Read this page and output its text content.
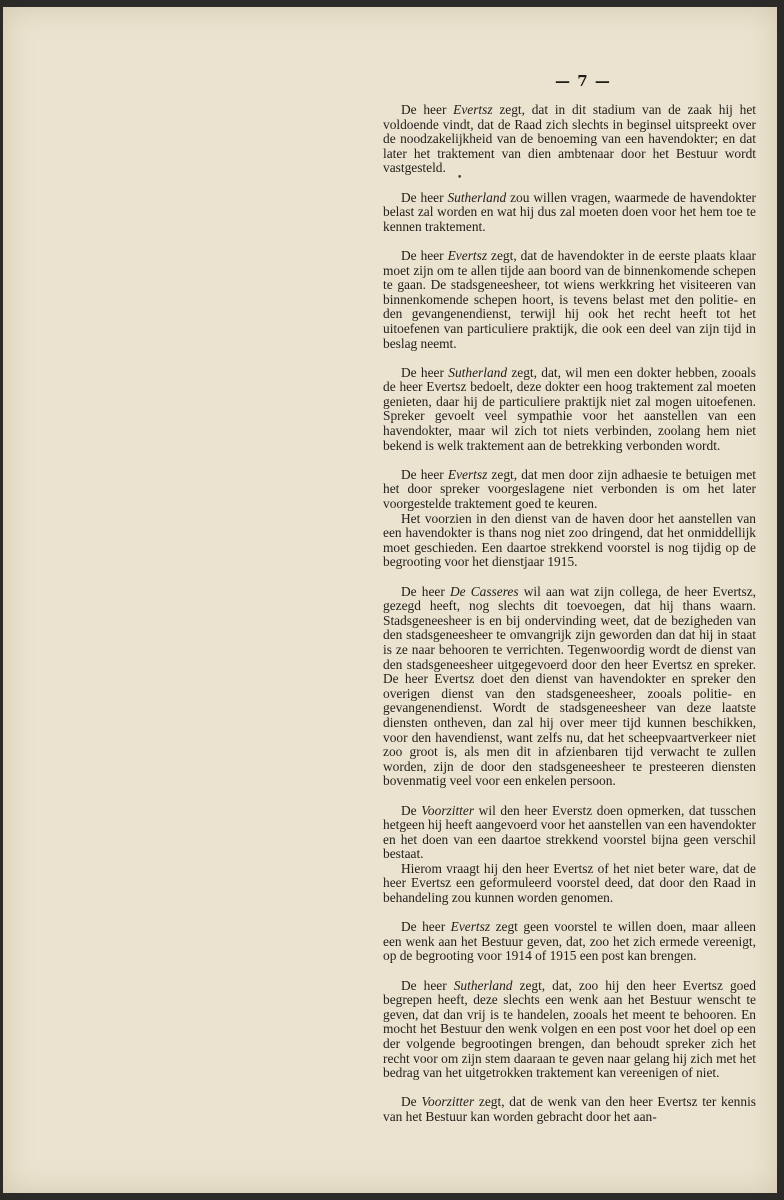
— 7 —
•

De heer Evertsz zegt, dat in dit stadium van de zaak hij het voldoende vindt, dat de Raad zich slechts in beginsel uitspreekt over de noodzakelijkheid van de benoeming van een havendokter; en dat later het traktement van dien ambtenaar door het Bestuur wordt vastgesteld.

De heer Sutherland zou willen vragen, waarmede de havendokter belast zal worden en wat hij dus zal moeten doen voor het hem toe te kennen traktement.

De heer Evertsz zegt, dat de havendokter in de eerste plaats klaar moet zijn om te allen tijde aan boord van de binnenkomende schepen te gaan. De stadsgeneesheer, tot wiens werkkring het visiteeren van binnenkomende schepen hoort, is tevens belast met den politie- en den gevangenendienst, terwijl hij ook het recht heeft tot het uitoefenen van particuliere praktijk, die ook een deel van zijn tijd in beslag neemt.

De heer Sutherland zegt, dat, wil men een dokter hebben, zooals de heer Evertsz bedoelt, deze dokter een hoog traktement zal moeten genieten, daar hij de particuliere praktijk niet zal mogen uitoefenen. Spreker gevoelt veel sympathie voor het aanstellen van een havendokter, maar wil zich tot niets verbinden, zoolang hem niet bekend is welk traktement aan de betrekking verbonden wordt.

De heer Evertsz zegt, dat men door zijn adhaesie te betuigen met het door spreker voorgeslagene niet verbonden is om het later voorgestelde traktement goed te keuren.

Het voorzien in den dienst van de haven door het aanstellen van een havendokter is thans nog niet zoo dringend, dat het onmiddellijk moet geschieden. Een daartoe strekkend voorstel is nog tijdig op de begrooting voor het dienstjaar 1915.

De heer De Casseres wil aan wat zijn collega, de heer Evertsz, gezegd heeft, nog slechts dit toevoegen, dat hij thans waarn. Stadsgeneesheer is en bij ondervinding weet, dat de bezigheden van den stadsgeneesheer te omvangrijk zijn geworden dan dat hij in staat is ze naar behooren te verrichten. Tegenwoordig wordt de dienst van den stadsgeneesheer uitgegevoerd door den heer Evertsz en spreker. De heer Evertsz doet den dienst van havendokter en spreker den overigen dienst van den stadsgeneesheer, zooals politie- en gevangenendienst. Wordt de stadsgeneesheer van deze laatste diensten ontheven, dan zal hij over meer tijd kunnen beschikken, voor den havendienst, want zelfs nu, dat het scheepvaartverkeer niet zoo groot is, als men dit in afzienbaren tijd verwacht te zullen worden, zijn de door den stadsgeneesheer te presteeren diensten bovenmatig veel voor een enkelen persoon.

De Voorzitter wil den heer Everstz doen opmerken, dat tusschen hetgeen hij heeft aangevoerd voor het aanstellen van een havendokter en het doen van een daartoe strekkend voorstel bijna geen verschil bestaat.

Hierom vraagt hij den heer Evertsz of het niet beter ware, dat de heer Evertsz een geformuleerd voorstel deed, dat door den Raad in behandeling zou kunnen worden genomen.

De heer Evertsz zegt geen voorstel te willen doen, maar alleen een wenk aan het Bestuur geven, dat, zoo het zich ermede vereenigt, op de begrooting voor 1914 of 1915 een post kan brengen.

De heer Sutherland zegt, dat, zoo hij den heer Evertsz goed begrepen heeft, deze slechts een wenk aan het Bestuur wenscht te geven, dat dan vrij is te handelen, zooals het meent te behooren. En mocht het Bestuur den wenk volgen en een post voor het doel op een der volgende begrootingen brengen, dan behoudt spreker zich het recht voor om zijn stem daaraan te geven naar gelang hij zich met het bedrag van het uitgetrokken traktement kan vereenigen of niet.

De Voorzitter zegt, dat de wenk van den heer Evertsz ter kennis van het Bestuur kan worden gebracht door het aan-
